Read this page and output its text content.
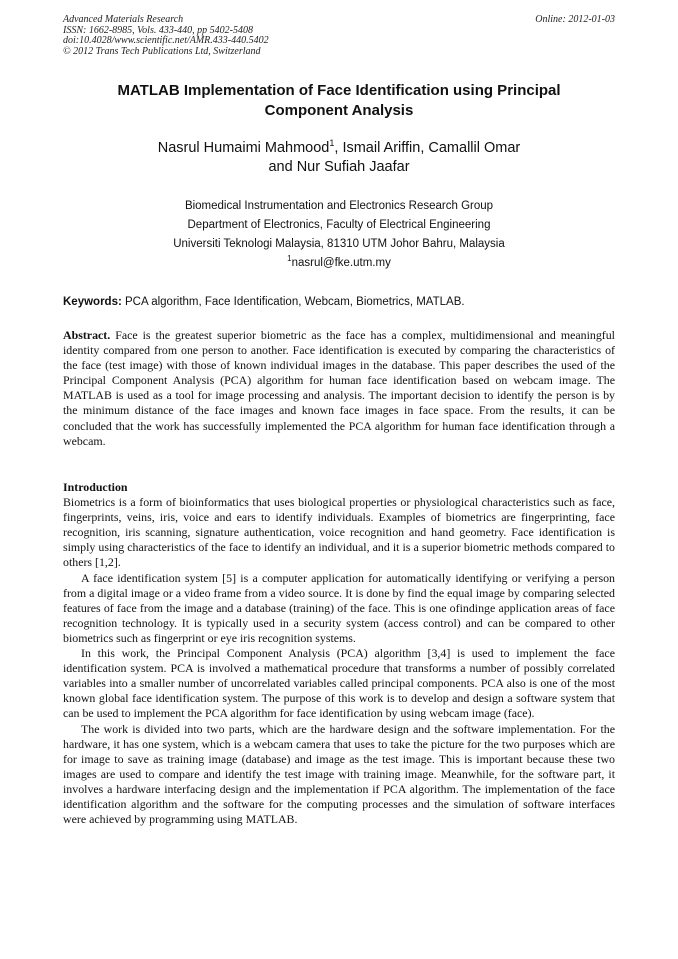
Advanced Materials Research
ISSN: 1662-8985, Vols. 433-440, pp 5402-5408
doi:10.4028/www.scientific.net/AMR.433-440.5402
© 2012 Trans Tech Publications Ltd, Switzerland
Online: 2012-01-03
MATLAB Implementation of Face Identification using Principal
Component Analysis
Nasrul Humaimi Mahmood$^1$, Ismail Ariffin, Camallil Omar
and Nur Sufiah Jaafar
Biomedical Instrumentation and Electronics Research Group
Department of Electronics, Faculty of Electrical Engineering
Universiti Teknologi Malaysia, 81310 UTM Johor Bahru, Malaysia
$^1$nasrul@fke.utm.my
Keywords: PCA algorithm, Face Identification, Webcam, Biometrics, MATLAB.

Abstract. Face is the greatest superior biometric as the face has a complex, multidimensional and meaningful identity compared from one person to another. Face identification is executed by comparing the characteristics of the face (test image) with those of known individual images in the database. This paper describes the used of the Principal Component Analysis (PCA) algorithm for human face identification based on webcam image. The MATLAB is used as a tool for image processing and analysis. The important decision to identify the person is by the minimum distance of the face images and known face images in face space. From the results, it can be concluded that the work has successfully implemented the PCA algorithm for human face identification through a webcam.

Introduction

Biometrics is a form of bioinformatics that uses biological properties or physiological characteristics such as face, fingerprints, veins, iris, voice and ears to identify individuals. Examples of biometrics are fingerprinting, face recognition, iris scanning, signature authentication, voice recognition and hand geometry. Face identification is simply using characteristics of the face to identify an individual, and it is a superior biometric methods compared to others [1,2].

A face identification system [5] is a computer application for automatically identifying or verifying a person from a digital image or a video frame from a video source. It is done by find the equal image by comparing selected features of face from the image and a database (training) of the face. This is one ofindinge application areas of face recognition technology. It is typically used in a security system (access control) and can be compared to other biometrics such as fingerprint or eye iris recognition systems.

In this work, the Principal Component Analysis (PCA) algorithm [3,4] is used to implement the face identification system. PCA is involved a mathematical procedure that transforms a number of possibly correlated variables into a smaller number of uncorrelated variables called principal components. PCA also is one of the most known global face identification system. The purpose of this work is to develop and design a software system that can be used to implement the PCA algorithm for face identification by using webcam image (face).

The work is divided into two parts, which are the hardware design and the software implementation. For the hardware, it has one system, which is a webcam camera that uses to take the picture for the two purposes which are for image to save as training image (database) and image as the test image. This is important because these two images are used to compare and identify the test image with training image. Meanwhile, for the software part, it involves a hardware interfacing design and the implementation if PCA algorithm. The implementation of the face identification algorithm and the software for the computing processes and the simulation of software interfaces were achieved by programming using MATLAB.
